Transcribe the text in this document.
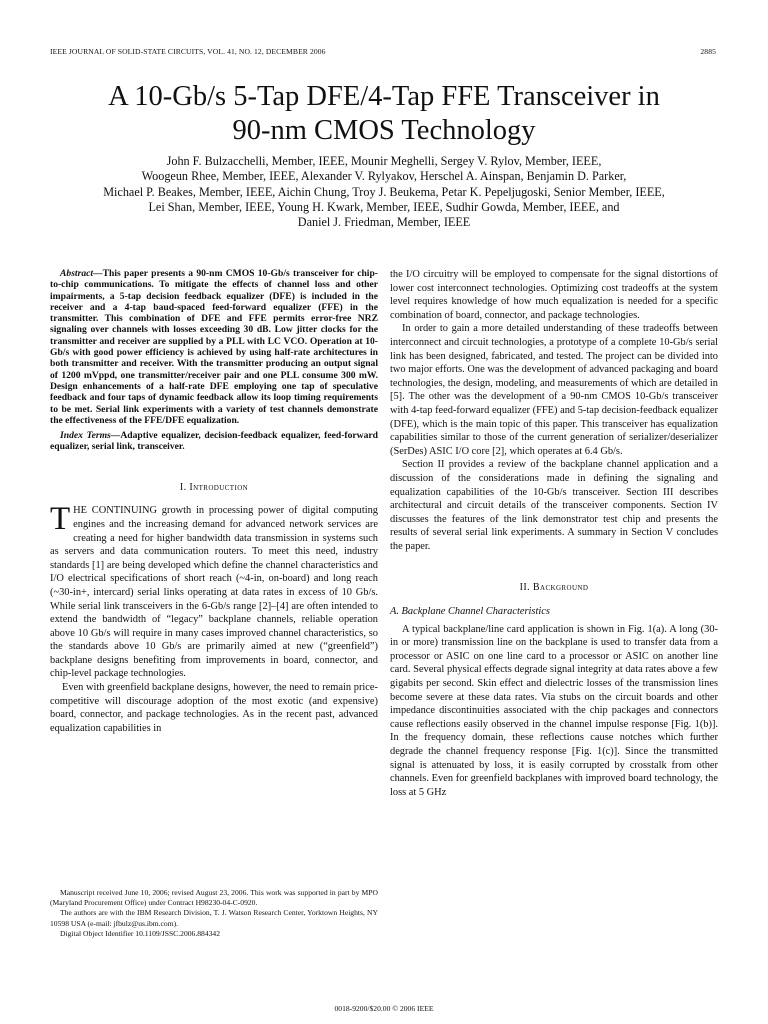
IEEE JOURNAL OF SOLID-STATE CIRCUITS, VOL. 41, NO. 12, DECEMBER 2006	2885
A 10-Gb/s 5-Tap DFE/4-Tap FFE Transceiver in
90-nm CMOS Technology
John F. Bulzacchelli, Member, IEEE, Mounir Meghelli, Sergey V. Rylov, Member, IEEE,
Woogeun Rhee, Member, IEEE, Alexander V. Rylyakov, Herschel A. Ainspan, Benjamin D. Parker,
Michael P. Beakes, Member, IEEE, Aichin Chung, Troy J. Beukema, Petar K. Pepeljugoski, Senior Member, IEEE,
Lei Shan, Member, IEEE, Young H. Kwark, Member, IEEE, Sudhir Gowda, Member, IEEE, and
Daniel J. Friedman, Member, IEEE

Abstract—This paper presents a 90-nm CMOS 10-Gb/s transceiver for chip-to-chip communications. To mitigate the effects of channel loss and other impairments, a 5-tap decision feedback equalizer (DFE) is included in the receiver and a 4-tap baud-spaced feed-forward equalizer (FFE) in the transmitter. This combination of DFE and FFE permits error-free NRZ signaling over channels with losses exceeding 30 dB. Low jitter clocks for the transmitter and receiver are supplied by a PLL with LC VCO. Operation at 10-Gb/s with good power efficiency is achieved by using half-rate architectures in both transmitter and receiver. With the transmitter producing an output signal of 1200 mVppd, one transmitter/receiver pair and one PLL consume 300 mW. Design enhancements of a half-rate DFE employing one tap of speculative feedback and four taps of dynamic feedback allow its loop timing requirements to be met. Serial link experiments with a variety of test channels demonstrate the effectiveness of the FFE/DFE equalization.

Index Terms—Adaptive equalizer, decision-feedback equalizer, feed-forward equalizer, serial link, transceiver.

I. Introduction

THE CONTINUING growth in processing power of digital computing engines and the increasing demand for advanced network services are creating a need for higher bandwidth data transmission in systems such as servers and data communication routers. To meet this need, industry standards [1] are being developed which define the channel characteristics and I/O electrical specifications of short reach (~4-in, on-board) and long reach (~30-in+, intercard) serial links operating at data rates in excess of 10 Gb/s. While serial link transceivers in the 6-Gb/s range [2]–[4] are often intended to extend the bandwidth of “legacy” backplane channels, reliable operation above 10 Gb/s will require in many cases improved channel characteristics, so the standards above 10 Gb/s are primarily aimed at new (“greenfield”) backplane designs benefiting from improvements in board, connector, and chip-level package technologies.

Even with greenfield backplane designs, however, the need to remain price-competitive will discourage adoption of the most exotic (and expensive) board, connector, and package technologies. As in the recent past, advanced equalization capabilities in

Manuscript received June 10, 2006; revised August 23, 2006. This work was supported in part by MPO (Maryland Procurement Office) under Contract H98230-04-C-0920.

The authors are with the IBM Research Division, T. J. Watson Research Center, Yorktown Heights, NY 10598 USA (e-mail: jfbulz@us.ibm.com).

Digital Object Identifier 10.1109/JSSC.2006.884342

the I/O circuitry will be employed to compensate for the signal distortions of lower cost interconnect technologies. Optimizing cost tradeoffs at the system level requires knowledge of how much equalization is needed for a specific combination of board, connector, and package technologies.

In order to gain a more detailed understanding of these tradeoffs between interconnect and circuit technologies, a prototype of a complete 10-Gb/s serial link has been designed, fabricated, and tested. The project can be divided into two major efforts. One was the development of advanced packaging and board technologies, the design, modeling, and measurements of which are detailed in [5]. The other was the development of a 90-nm CMOS 10-Gb/s transceiver with 4-tap feed-forward equalizer (FFE) and 5-tap decision-feedback equalizer (DFE), which is the main topic of this paper. This transceiver has equalization capabilities similar to those of the current generation of serializer/deserializer (SerDes) ASIC I/O core [2], which operates at 6.4 Gb/s.

Section II provides a review of the backplane channel application and a discussion of the considerations made in defining the signaling and equalization capabilities of the 10-Gb/s transceiver. Section III describes architectural and circuit details of the transceiver components. Section IV discusses the features of the link demonstrator test chip and presents the results of several serial link experiments. A summary in Section V concludes the paper.

II. Background
A. Backplane Channel Characteristics

A typical backplane/line card application is shown in Fig. 1(a). A long (30-in or more) transmission line on the backplane is used to transfer data from a processor or ASIC on one line card to a processor or ASIC on another line card. Several physical effects degrade signal integrity at data rates above a few gigabits per second. Skin effect and dielectric losses of the transmission lines become severe at these data rates. Via stubs on the circuit boards and other impedance discontinuities associated with the chip packages and connectors cause reflections easily observed in the channel impulse response [Fig. 1(b)]. In the frequency domain, these reflections cause notches which further degrade the channel frequency response [Fig. 1(c)]. Since the transmitted signal is attenuated by loss, it is easily corrupted by crosstalk from other channels. Even for greenfield backplanes with improved board technology, the loss at 5 GHz

0018-9200/$20.00 © 2006 IEEE
